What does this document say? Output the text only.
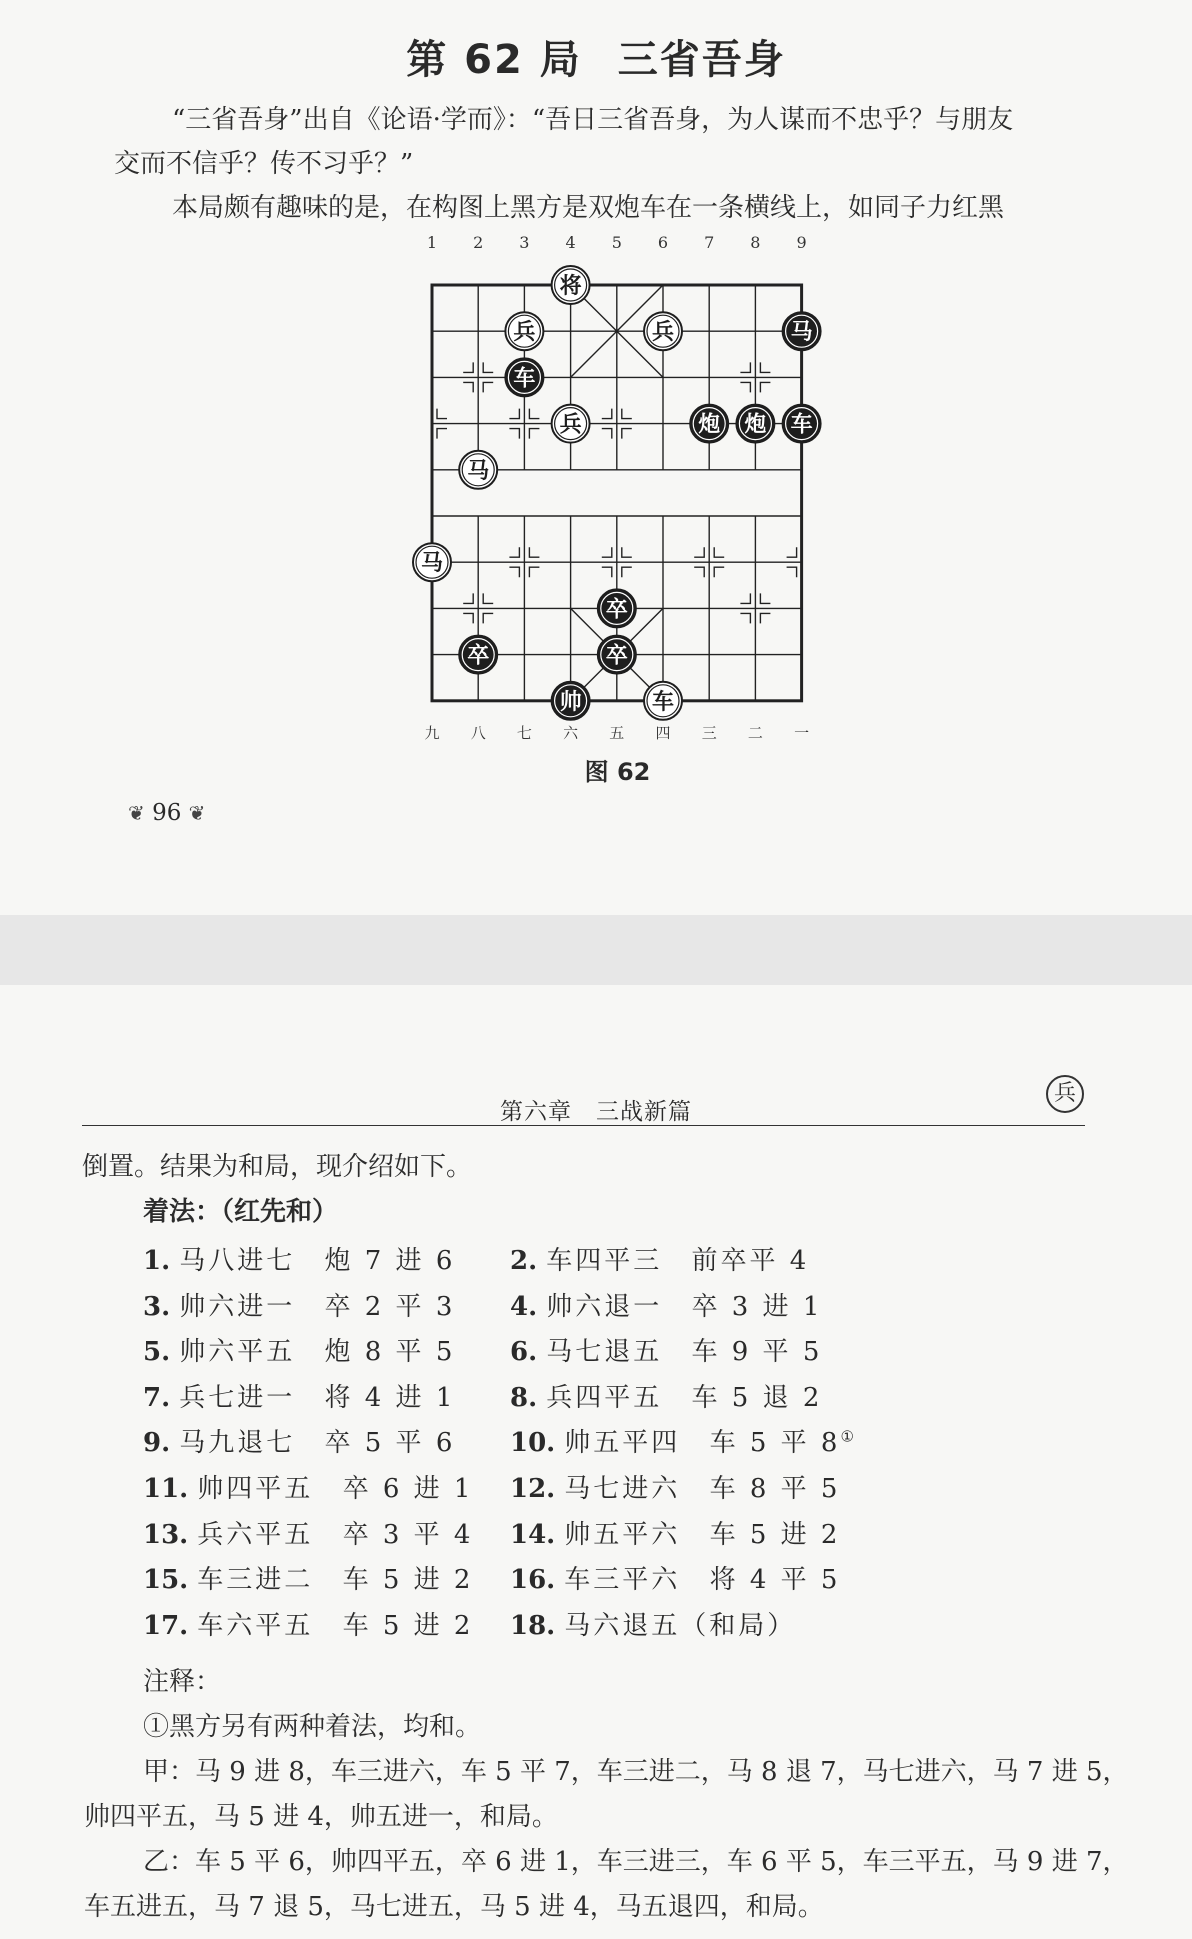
第 62 局 三省吾身
“三省吾身”出自《论语·学而》：“吾日三省吾身，为人谋而不忠乎？与朋友
交而不信乎？传不习乎？”
本局颇有趣味的是，在构图上黑方是双炮车在一条横线上，如同子力红黑
1 2 3 4 5 6 7 8 9
九 八 七 六 五 四 三 二 一
将
兵	兵	马
车
兵	炮 炮 车
马
马
卒
卒	卒
帅	车
图 62
❦ 96 ❦
第六章　三战新篇
兵
倒置。结果为和局，现介绍如下。
着法：（红先和）
1. 马八进七 炮 7 进 6 2. 车四平三 前卒平 4
3. 帅六进一 卒 2 平 3 4. 帅六退一 卒 3 进 1
5. 帅六平五 炮 8 平 5 6. 马七退五 车 9 平 5
7. 兵七进一 将 4 进 1 8. 兵四平五 车 5 退 2
9. 马九退七 卒 5 平 6 10. 帅五平四 车 5 平 8①
11. 帅四平五 卒 6 进 1 12. 马七进六 车 8 平 5
13. 兵六平五 卒 3 平 4 14. 帅五平六 车 5 进 2
15. 车三进二 车 5 进 2 16. 车三平六 将 4 平 5
17. 车六平五 车 5 进 2 18. 马六退五（和局）
注释：
①黑方另有两种着法，均和。
甲：马 9 进 8，车三进六，车 5 平 7，车三进二，马 8 退 7，马七进六，马 7 进 5，
帅四平五，马 5 进 4，帅五进一，和局。
乙：车 5 平 6，帅四平五，卒 6 进 1，车三进三，车 6 平 5，车三平五，马 9 进 7，
车五进五，马 7 退 5，马七进五，马 5 进 4，马五退四，和局。
